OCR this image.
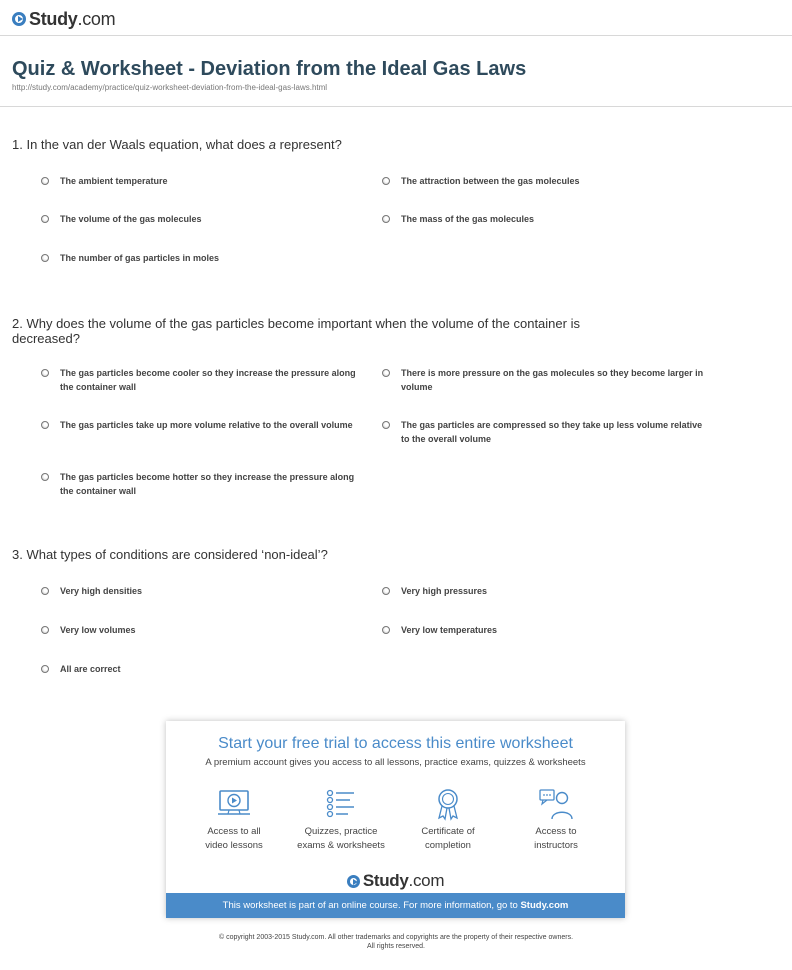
Study.com
Quiz & Worksheet - Deviation from the Ideal Gas Laws
http://study.com/academy/practice/quiz-worksheet-deviation-from-the-ideal-gas-laws.html
1. In the van der Waals equation, what does a represent?
The ambient temperature	The attraction between the gas molecules
The volume of the gas molecules	The mass of the gas molecules
The number of gas particles in moles
2. Why does the volume of the gas particles become important when the volume of the container is decreased?
The gas particles become cooler so they increase the pressure along the container wall
There is more pressure on the gas molecules so they become larger in volume
The gas particles take up more volume relative to the overall volume	The gas particles are compressed so they take up less volume relative to the overall volume
The gas particles become hotter so they increase the pressure along the container wall
3. What types of conditions are considered ‘non-ideal’?
Very high densities	Very high pressures
Very low volumes	Very low temperatures
All are correct
Start your free trial to access this entire worksheet
A premium account gives you access to all lessons, practice exams, quizzes & worksheets
Access to all
video lessons
Quizzes, practice
exams & worksheets
Certificate of
completion
Access to
instructors
Study.com
This worksheet is part of an online course. For more information, go to Study.com
© copyright 2003-2015 Study.com. All other trademarks and copyrights are the property of their respective owners.
All rights reserved.
